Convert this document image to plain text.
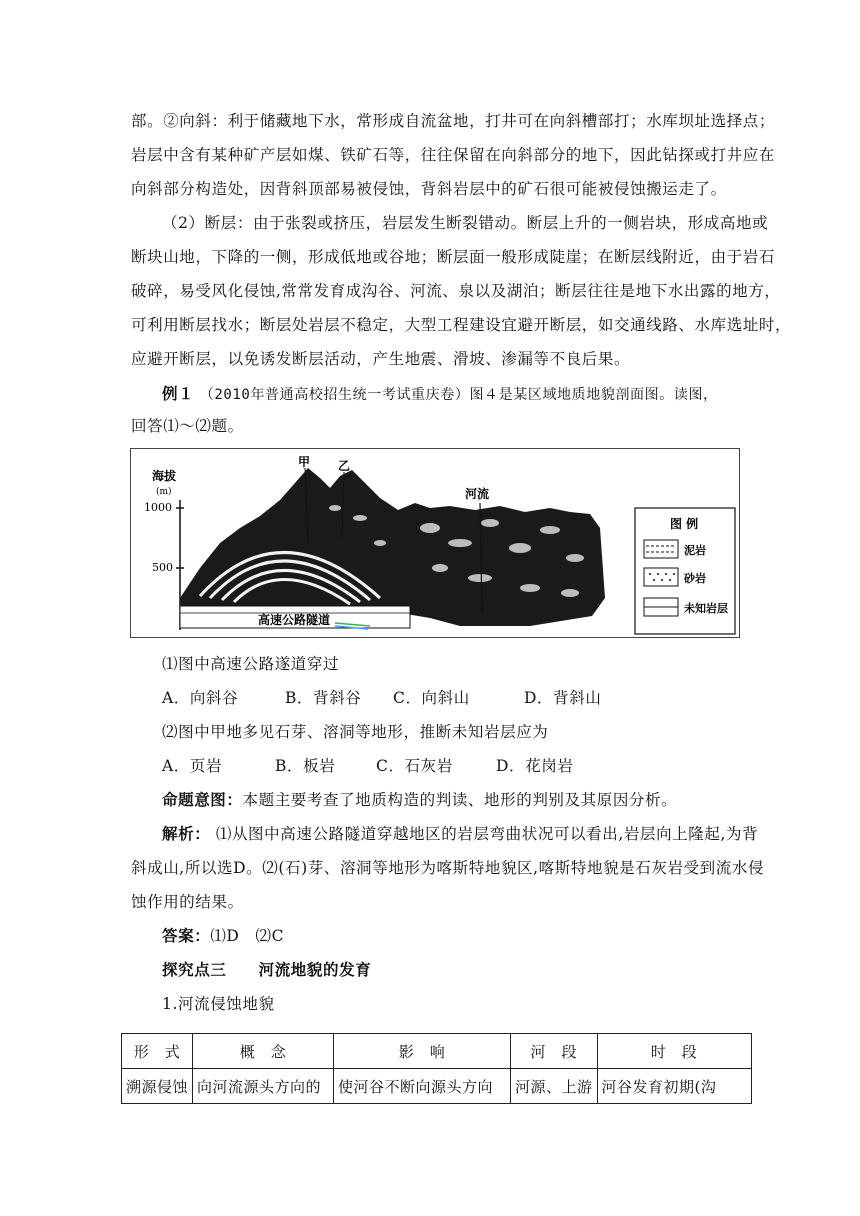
部。②向斜：利于储藏地下水，常形成自流盆地，打井可在向斜槽部打；水库坝址选择点；
岩层中含有某种矿产层如煤、铁矿石等，往往保留在向斜部分的地下，因此钻探或打井应在
向斜部分构造处，因背斜顶部易被侵蚀，背斜岩层中的矿石很可能被侵蚀搬运走了。
（2）断层：由于张裂或挤压，岩层发生断裂错动。断层上升的一侧岩块，形成高地或
断块山地，下降的一侧，形成低地或谷地；断层面一般形成陡崖；在断层线附近，由于岩石
破碎，易受风化侵蚀,常常发育成沟谷、河流、泉以及湖泊；断层往往是地下水出露的地方，
可利用断层找水；断层处岩层不稳定，大型工程建设宜避开断层，如交通线路、水库选址时，
应避开断层，以免诱发断层活动，产生地震、滑坡、渗漏等不良后果。
例１ （2010年普通高校招生统一考试重庆卷）图４是某区域地质地貌剖面图。读图，
回答⑴～⑵题。
海拔
(m)
1000
500
高速公路隧道
河流
甲 乙
图 例
泥岩
砂岩
未知岩层
⑴图中高速公路遂道穿过
A．向斜谷	B．背斜谷 C．向斜山	D．背斜山
⑵图中甲地多见石芽、溶洞等地形，推断未知岩层应为
A．页岩	B．板岩	C．石灰岩	D．花岗岩
命题意图：本题主要考查了地质构造的判读、地形的判别及其原因分析。
解析： ⑴从图中高速公路隧道穿越地区的岩层弯曲状况可以看出,岩层向上隆起,为背
斜成山,所以选D。⑵(石)芽、溶洞等地形为喀斯特地貌区,喀斯特地貌是石灰岩受到流水侵
蚀作用的结果。
答案：⑴D　⑵C
探究点三　　河流地貌的发育
1.河流侵蚀地貌
形　式	概　念	影　响	河　段	时　段
溯源侵蚀	向河流源头方向的	使河谷不断向源头方向	河源、上游	河谷发育初期(沟
